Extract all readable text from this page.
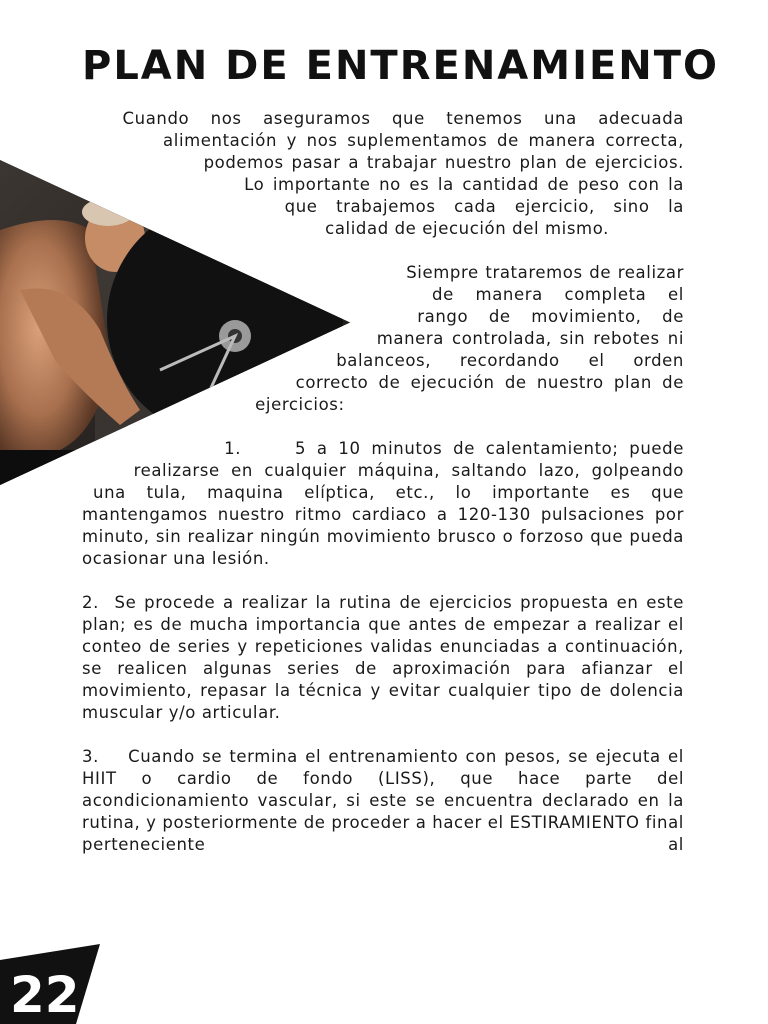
PLAN DE ENTRENAMIENTO

Cuando nos aseguramos que tenemos una adecuada alimentación y nos suplementamos de manera correcta, podemos pasar a trabajar nuestro plan de ejercicios. Lo importante no es la cantidad de peso con la que trabajemos cada ejercicio, sino la calidad de ejecución del mismo.

Siempre trataremos de realizar de manera completa el rango de movimiento, de manera controlada, sin rebotes ni balanceos, recordando el orden correcto de ejecución de nuestro plan de ejercicios:

1.     5 a 10 minutos de calentamiento; puede realizarse en cualquier máquina, saltando lazo, golpeando una tula, maquina elíptica, etc., lo importante es que mantengamos nuestro ritmo cardiaco a 120-130 pulsaciones por minuto, sin realizar ningún movimiento brusco o forzoso que pueda ocasionar una lesión.

2.  Se procede a realizar la rutina de ejercicios propuesta en este plan; es de mucha importancia que antes de empezar a realizar el conteo de series y repeticiones validas enunciadas a continuación, se realicen algunas series de aproximación para afianzar el movimiento, repasar la técnica y evitar cualquier tipo de dolencia muscular y/o articular.

3.    Cuando se termina el entrenamiento con pesos, se ejecuta el HIIT o cardio de fondo (LISS), que hace parte del acondicionamiento vascular, si este se encuentra declarado en la rutina, y posteriormente de proceder a hacer el ESTIRAMIENTO final perteneciente al

22
